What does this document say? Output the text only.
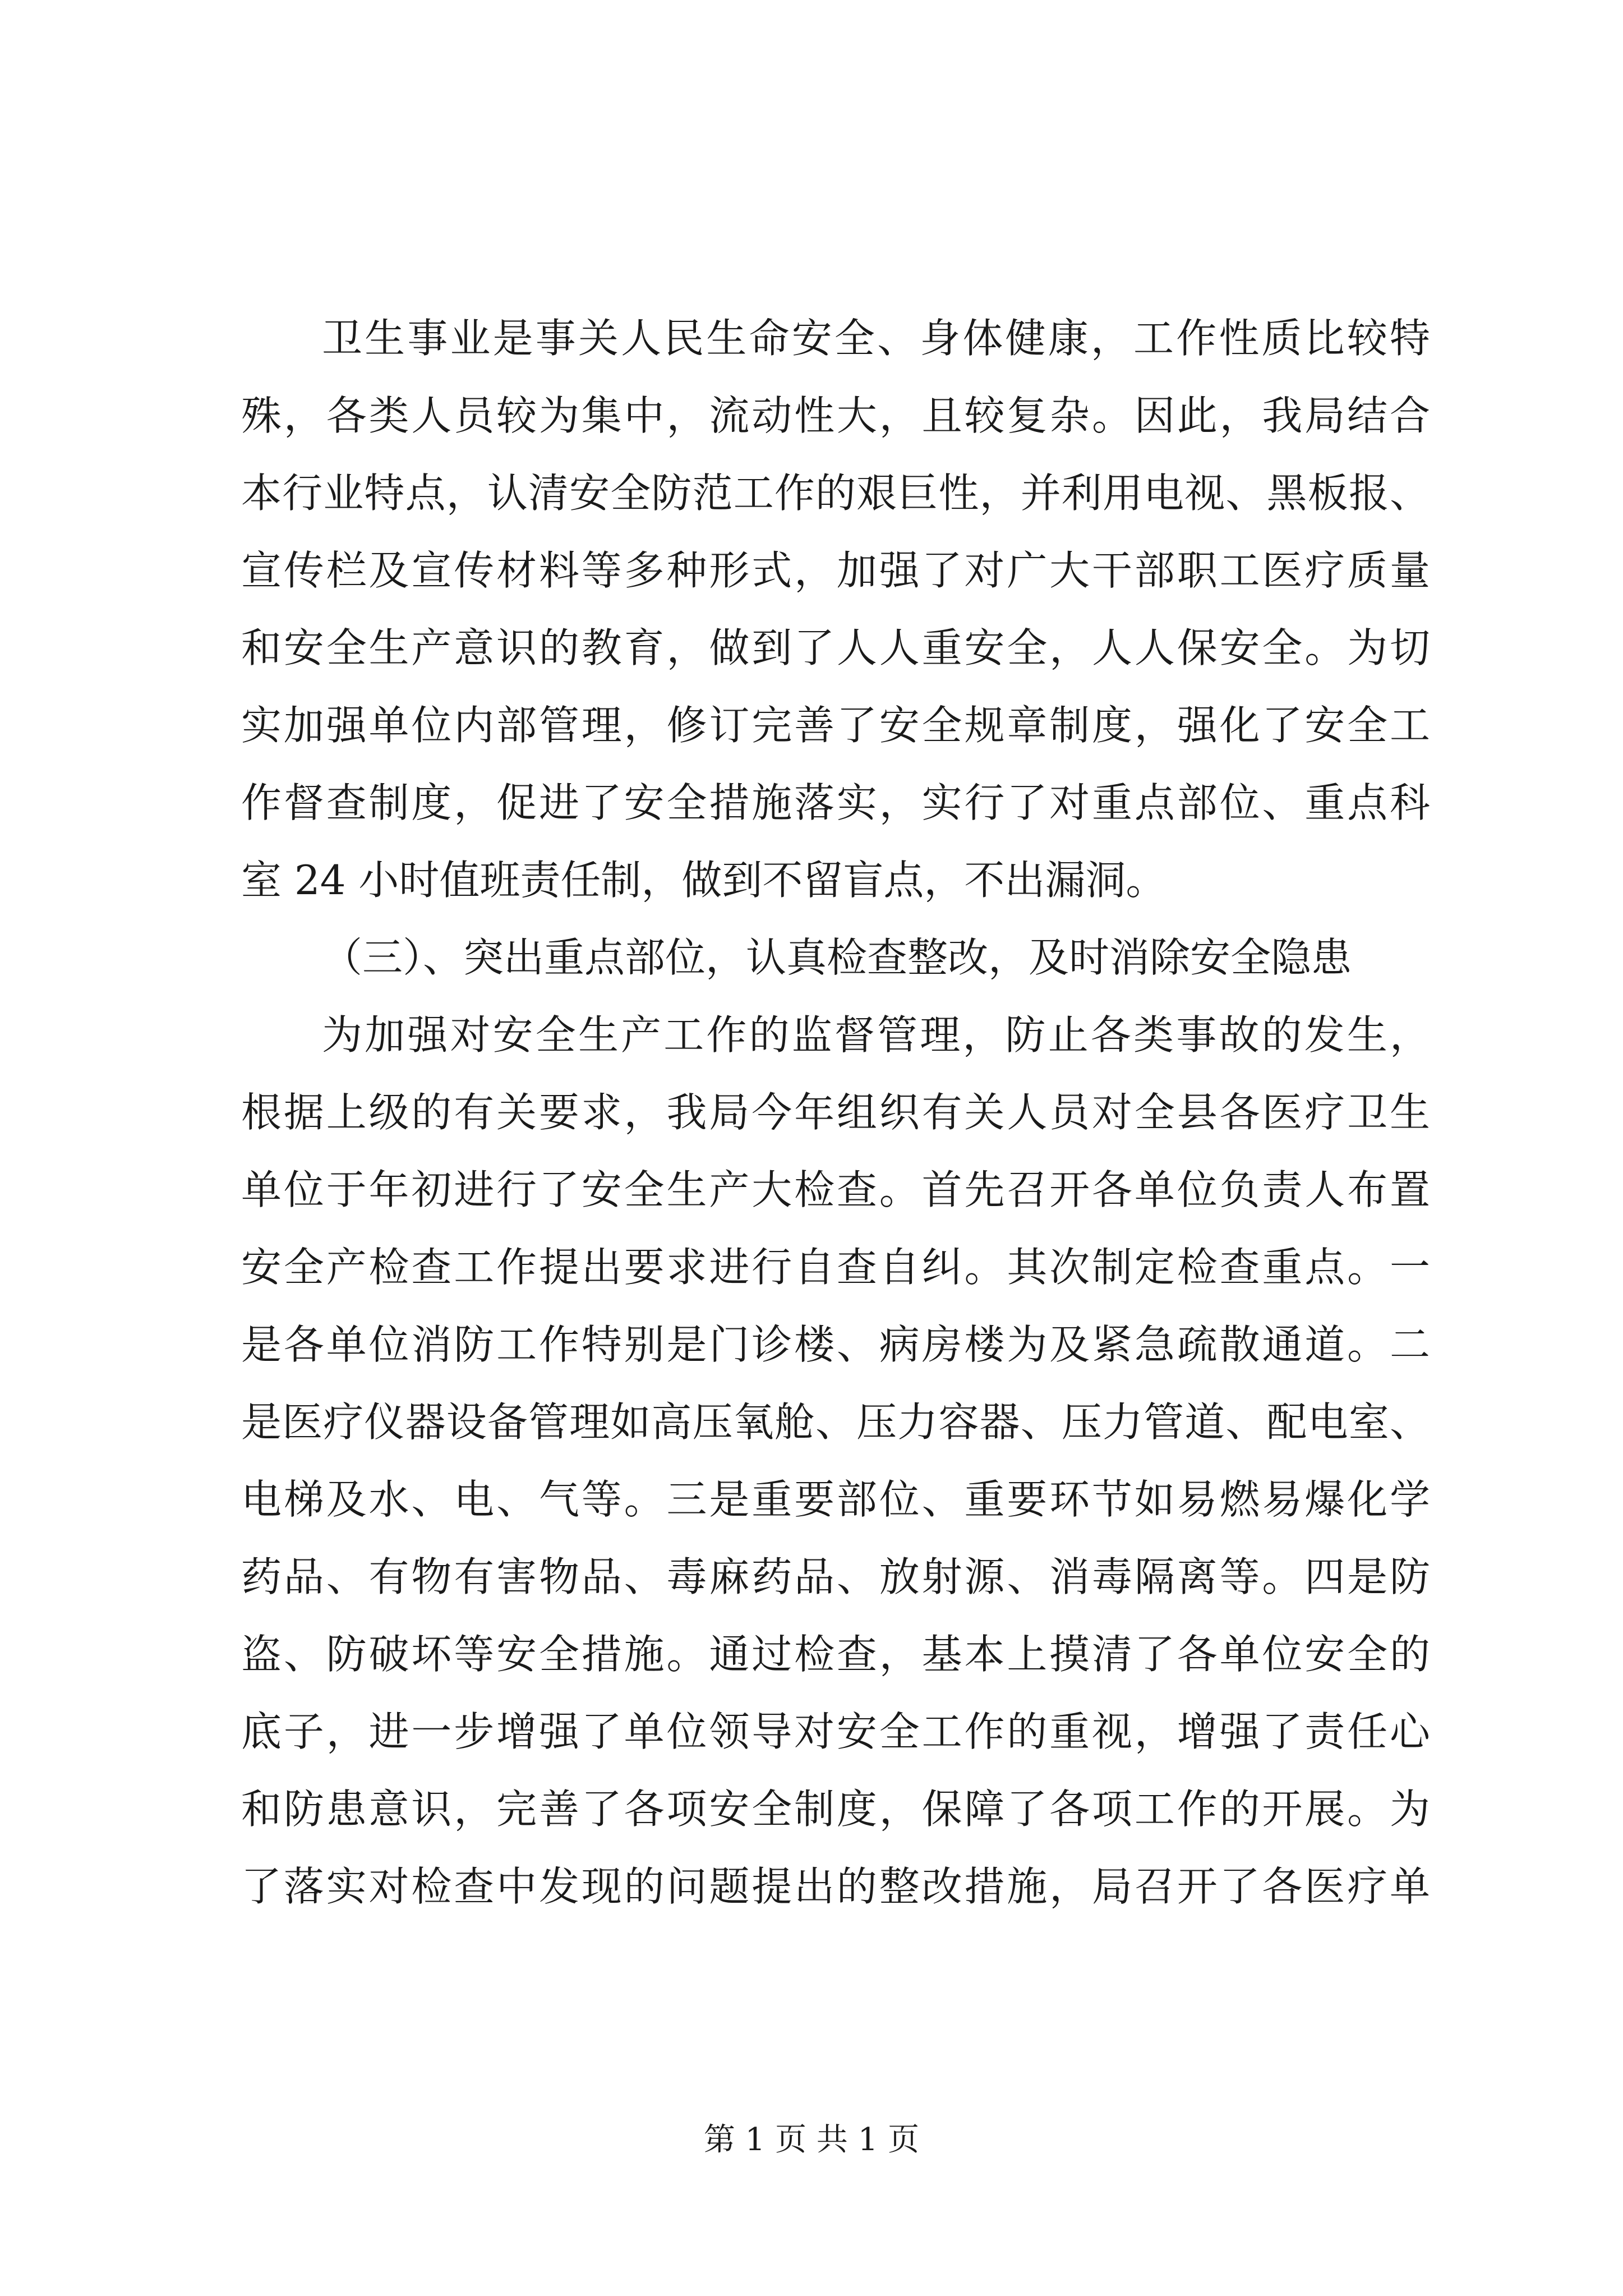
卫生事业是事关人民生命安全、身体健康，工作性质比较特
殊，各类人员较为集中，流动性大，且较复杂。因此，我局结合
本行业特点，认清安全防范工作的艰巨性，并利用电视、黑板报、
宣传栏及宣传材料等多种形式，加强了对广大干部职工医疗质量
和安全生产意识的教育，做到了人人重安全，人人保安全。为切
实加强单位内部管理，修订完善了安全规章制度，强化了安全工
作督查制度，促进了安全措施落实，实行了对重点部位、重点科
室 24 小时值班责任制，做到不留盲点，不出漏洞。
（三）、突出重点部位，认真检查整改，及时消除安全隐患
为加强对安全生产工作的监督管理，防止各类事故的发生，
根据上级的有关要求，我局今年组织有关人员对全县各医疗卫生
单位于年初进行了安全生产大检查。首先召开各单位负责人布置
安全产检查工作提出要求进行自查自纠。其次制定检查重点。一
是各单位消防工作特别是门诊楼、病房楼为及紧急疏散通道。二
是医疗仪器设备管理如高压氧舱、压力容器、压力管道、配电室、
电梯及水、电、气等。三是重要部位、重要环节如易燃易爆化学
药品、有物有害物品、毒麻药品、放射源、消毒隔离等。四是防
盗、防破坏等安全措施。通过检查，基本上摸清了各单位安全的
底子，进一步增强了单位领导对安全工作的重视，增强了责任心
和防患意识，完善了各项安全制度，保障了各项工作的开展。为
了落实对检查中发现的问题提出的整改措施，局召开了各医疗单
第 1 页 共 1 页
